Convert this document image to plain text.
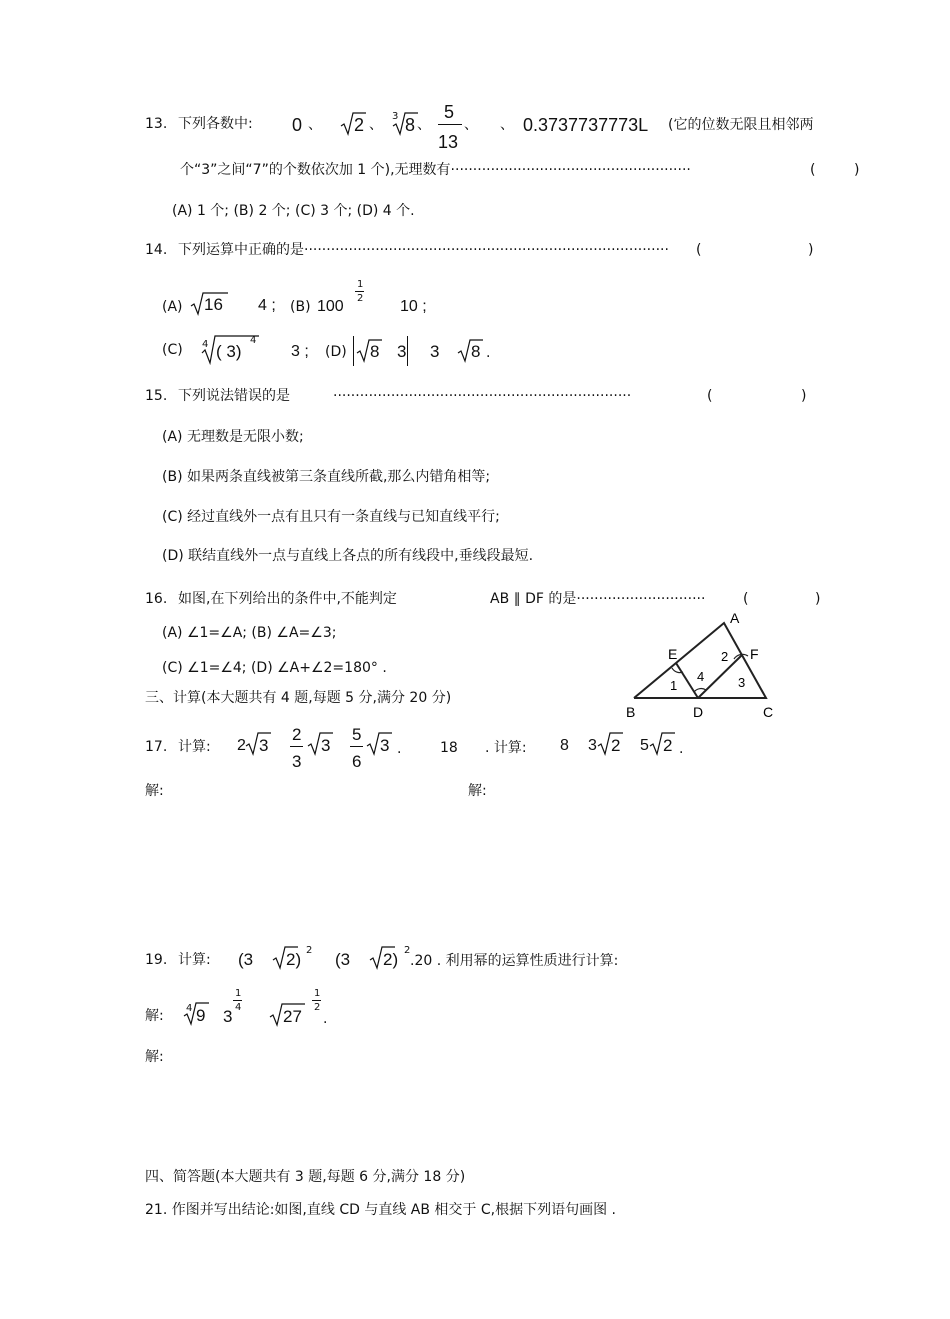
13. 下列各数中: 0 、 2 、
3 8 、
5
13
、 、 0.3737737773L (它的位数无限且相邻两
个“3”之间“7”的个数依次加 1 个),无理数有······················································	(	)
(A) 1 个; (B) 2 个; (C) 3 个; (D) 4 个.
14. 下列运算中正确的是·················································································· (	)
(A) 16 4 ; (B) 100
1
2 10 ;
(C) 4 ( 3)
4
3 ; (D) 8 3 3 8 .
15. 下列说法错误的是	···································································	(	)
(A) 无理数是无限小数;
(B) 如果两条直线被第三条直线所截,那么内错角相等;
(C) 经过直线外一点有且只有一条直线与已知直线平行;
(D) 联结直线外一点与直线上各点的所有线段中,垂线段最短.
16. 如图,在下列给出的条件中,不能判定	AB ∥ DF 的是·····························	(	)
(A) ∠1=∠A; (B) ∠A=∠3;
(C) ∠1=∠4; (D) ∠A+∠2=180° .
A
B	C
D
E	F
1
2
3
4
三、计算(本大题共有 4 题,每题 5 分,满分 20 分)
17. 计算: 2 3
2
3
3
5
6
3 .	18 . 计算: 8 3 2 5 2 .
解:	解:
19. 计算: (3 2) 2 (3 2) 2
.20 . 利用幂的运算性质进行计算:
解: 4 9 3
1
4 27
1
2
.
解:
四、简答题(本大题共有 3 题,每题 6 分,满分 18 分)
21. 作图并写出结论:如图,直线 CD 与直线 AB 相交于 C,根据下列语句画图 .
